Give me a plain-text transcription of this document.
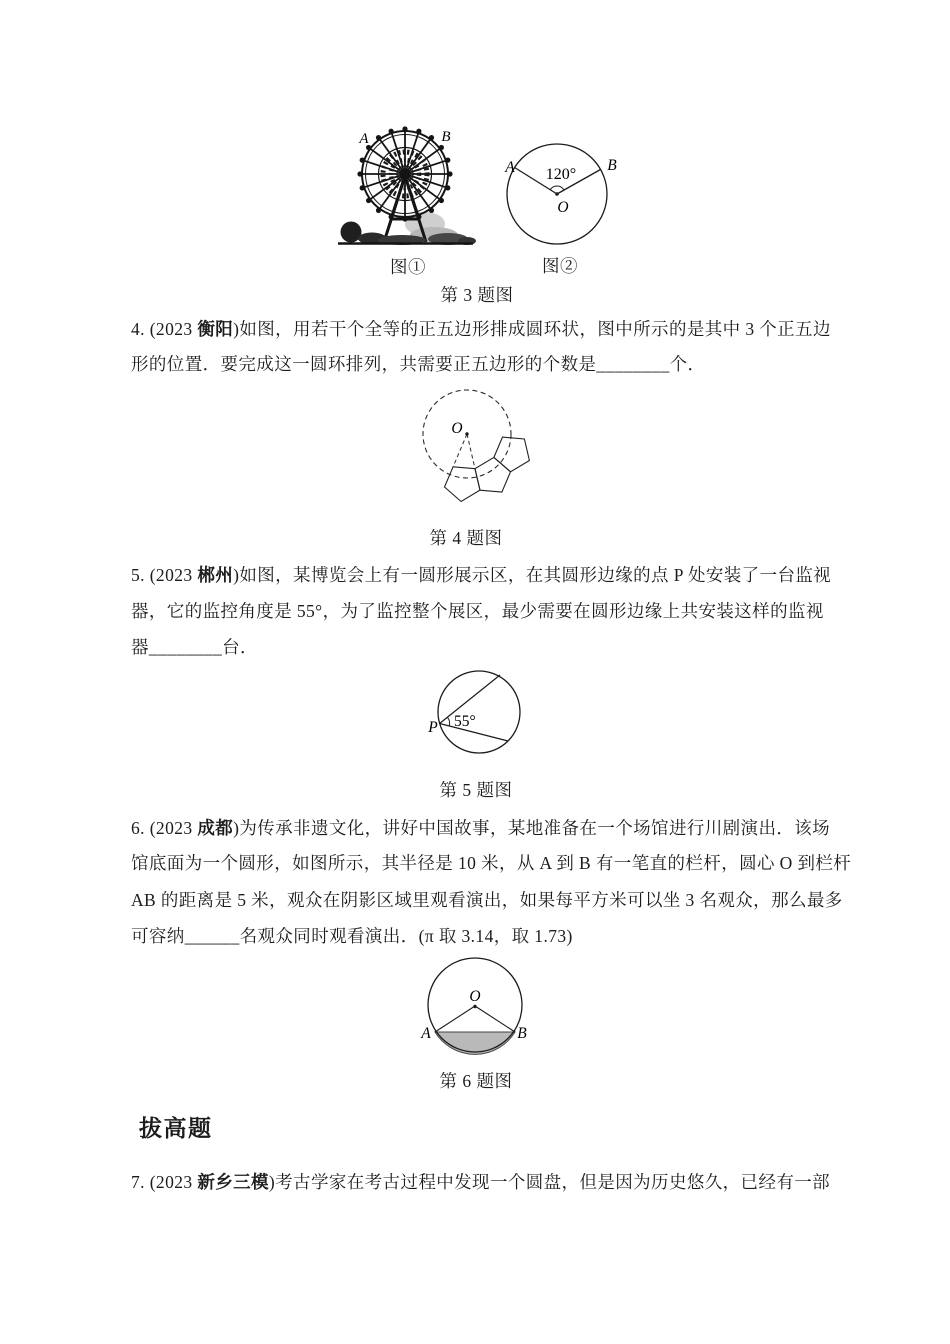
A	B
120°
O
A	B
图①	图②
第 3 题图
4. (2023 衡阳)如图，用若干个全等的正五边形排成圆环状，图中所示的是其中 3 个正五边
形的位置．要完成这一圆环排列，共需要正五边形的个数是________个．
O
第 4 题图
5. (2023 郴州)如图，某博览会上有一圆形展示区，在其圆形边缘的点 P 处安装了一台监视
器，它的监控角度是 55°，为了监控整个展区，最少需要在圆形边缘上共安装这样的监视
器________台．
55°
P
第 5 题图
6. (2023 成都)为传承非遗文化，讲好中国故事，某地准备在一个场馆进行川剧演出．该场
馆底面为一个圆形，如图所示，其半径是 10 米，从 A 到 B 有一笔直的栏杆，圆心 O 到栏杆
AB 的距离是 5 米，观众在阴影区域里观看演出，如果每平方米可以坐 3 名观众，那么最多
可容纳______名观众同时观看演出．(π 取 3.14，取 1.73)
O
A	B
第 6 题图
拔高题
7. (2023 新乡三模)考古学家在考古过程中发现一个圆盘，但是因为历史悠久，已经有一部
